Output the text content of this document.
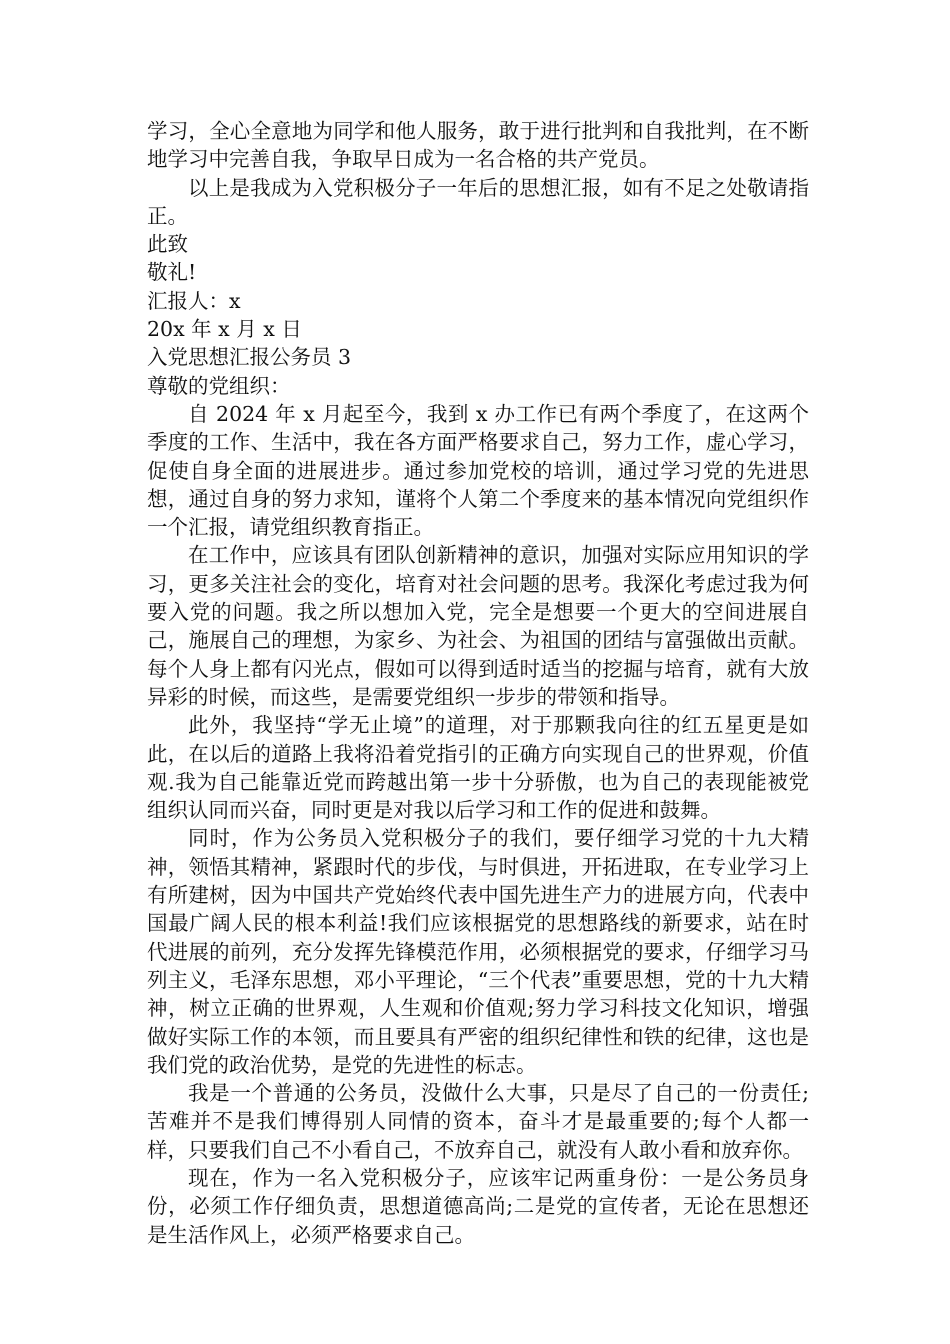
学习，全心全意地为同学和他人服务，敢于进行批判和自我批判，在不断地学习中完善自我，争取早日成为一名合格的共产党员。

以上是我成为入党积极分子一年后的思想汇报，如有不足之处敬请指正。

此致

敬礼!

汇报人：x

20x 年 x 月 x 日

入党思想汇报公务员 3

尊敬的党组织：

自 2024 年 x 月起至今，我到 x 办工作已有两个季度了，在这两个季度的工作、生活中，我在各方面严格要求自己，努力工作，虚心学习，促使自身全面的进展进步。通过参加党校的培训，通过学习党的先进思想，通过自身的努力求知，谨将个人第二个季度来的基本情况向党组织作一个汇报，请党组织教育指正。

在工作中，应该具有团队创新精神的意识，加强对实际应用知识的学习，更多关注社会的变化，培育对社会问题的思考。我深化考虑过我为何要入党的问题。我之所以想加入党，完全是想要一个更大的空间进展自己，施展自己的理想，为家乡、为社会、为祖国的团结与富强做出贡献。每个人身上都有闪光点，假如可以得到适时适当的挖掘与培育，就有大放异彩的时候，而这些，是需要党组织一步步的带领和指导。

此外，我坚持“学无止境”的道理，对于那颗我向往的红五星更是如此，在以后的道路上我将沿着党指引的正确方向实现自己的世界观，价值观.我为自己能靠近党而跨越出第一步十分骄傲，也为自己的表现能被党组织认同而兴奋，同时更是对我以后学习和工作的促进和鼓舞。

同时，作为公务员入党积极分子的我们，要仔细学习党的十九大精神，领悟其精神，紧跟时代的步伐，与时俱进，开拓进取，在专业学习上有所建树，因为中国共产党始终代表中国先进生产力的进展方向，代表中国最广阔人民的根本利益!我们应该根据党的思想路线的新要求，站在时代进展的前列，充分发挥先锋模范作用，必须根据党的要求，仔细学习马列主义，毛泽东思想，邓小平理论，“三个代表”重要思想，党的十九大精神，树立正确的世界观，人生观和价值观;努力学习科技文化知识，增强做好实际工作的本领，而且要具有严密的组织纪律性和铁的纪律，这也是我们党的政治优势，是党的先进性的标志。

我是一个普通的公务员，没做什么大事，只是尽了自己的一份责任;苦难并不是我们博得别人同情的资本，奋斗才是最重要的;每个人都一样，只要我们自己不小看自己，不放弃自己，就没有人敢小看和放弃你。

现在，作为一名入党积极分子，应该牢记两重身份：一是公务员身份，必须工作仔细负责，思想道德高尚;二是党的宣传者，无论在思想还是生活作风上，必须严格要求自己。
